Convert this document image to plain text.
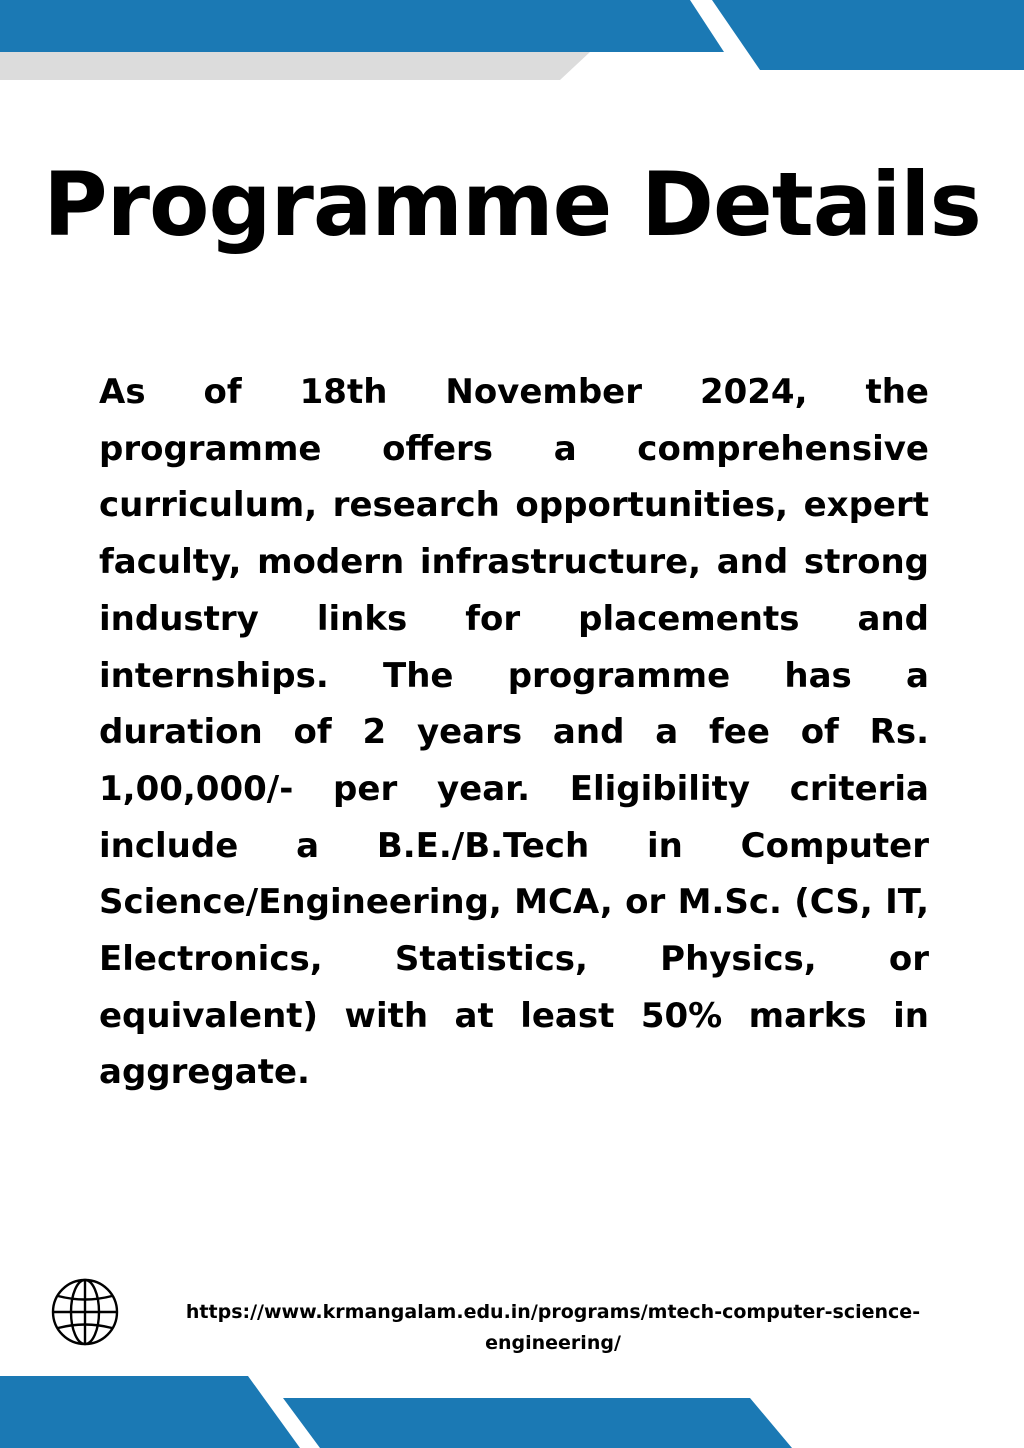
Programme Details

As of 18th November 2024, the programme offers a comprehensive curriculum, research opportunities, expert faculty, modern infrastructure, and strong industry links for placements and internships. The programme has a duration of 2 years and a fee of Rs. 1,00,000/- per year. Eligibility criteria include a B.E./B.Tech in Computer Science/Engineering, MCA, or M.Sc. (CS, IT, Electronics, Statistics, Physics, or equivalent) with at least 50% marks in aggregate.

https://www.krmangalam.edu.in/programs/mtech-computer-science-
engineering/
